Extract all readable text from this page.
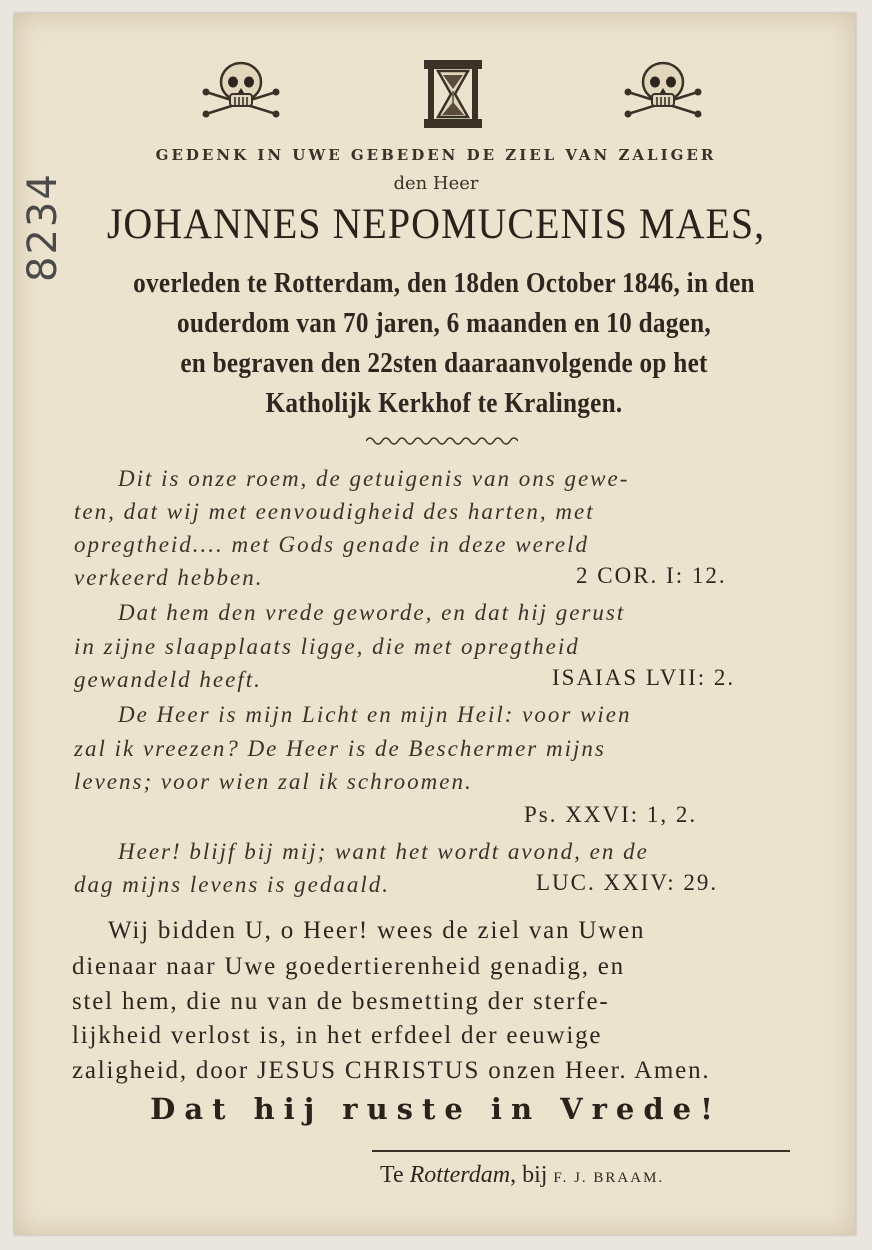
8234
GEDENK IN UWE GEBEDEN DE ZIEL VAN ZALIGER
den Heer
JOHANNES NEPOMUCENIS MAES,
overleden te Rotterdam, den 18den October 1846, in den
ouderdom van 70 jaren, 6 maanden en 10 dagen,
en begraven den 22sten daaraanvolgende op het
Katholijk Kerkhof te Kralingen.
Dit is onze roem, de getuigenis van ons gewe-
ten, dat wij met eenvoudigheid des harten, met
opregtheid.... met Gods genade in deze wereld
verkeerd hebben.	2 COR. I: 12.
Dat hem den vrede geworde, en dat hij gerust
in zijne slaapplaats ligge, die met opregtheid
gewandeld heeft.	ISAIAS LVII: 2.
De Heer is mijn Licht en mijn Heil: voor wien
zal ik vreezen? De Heer is de Beschermer mijns
levens; voor wien zal ik schroomen.
Ps. XXVI: 1, 2.
Heer! blijf bij mij; want het wordt avond, en de
dag mijns levens is gedaald.	LUC. XXIV: 29.
Wij bidden U, o Heer! wees de ziel van Uwen
dienaar naar Uwe goedertierenheid genadig, en
stel hem, die nu van de besmetting der sterfe-
lijkheid verlost is, in het erfdeel der eeuwige
zaligheid, door JESUS CHRISTUS onzen Heer. Amen.
Dat hij ruste in Vrede!
Te Rotterdam, bij F. J. BRAAM.
